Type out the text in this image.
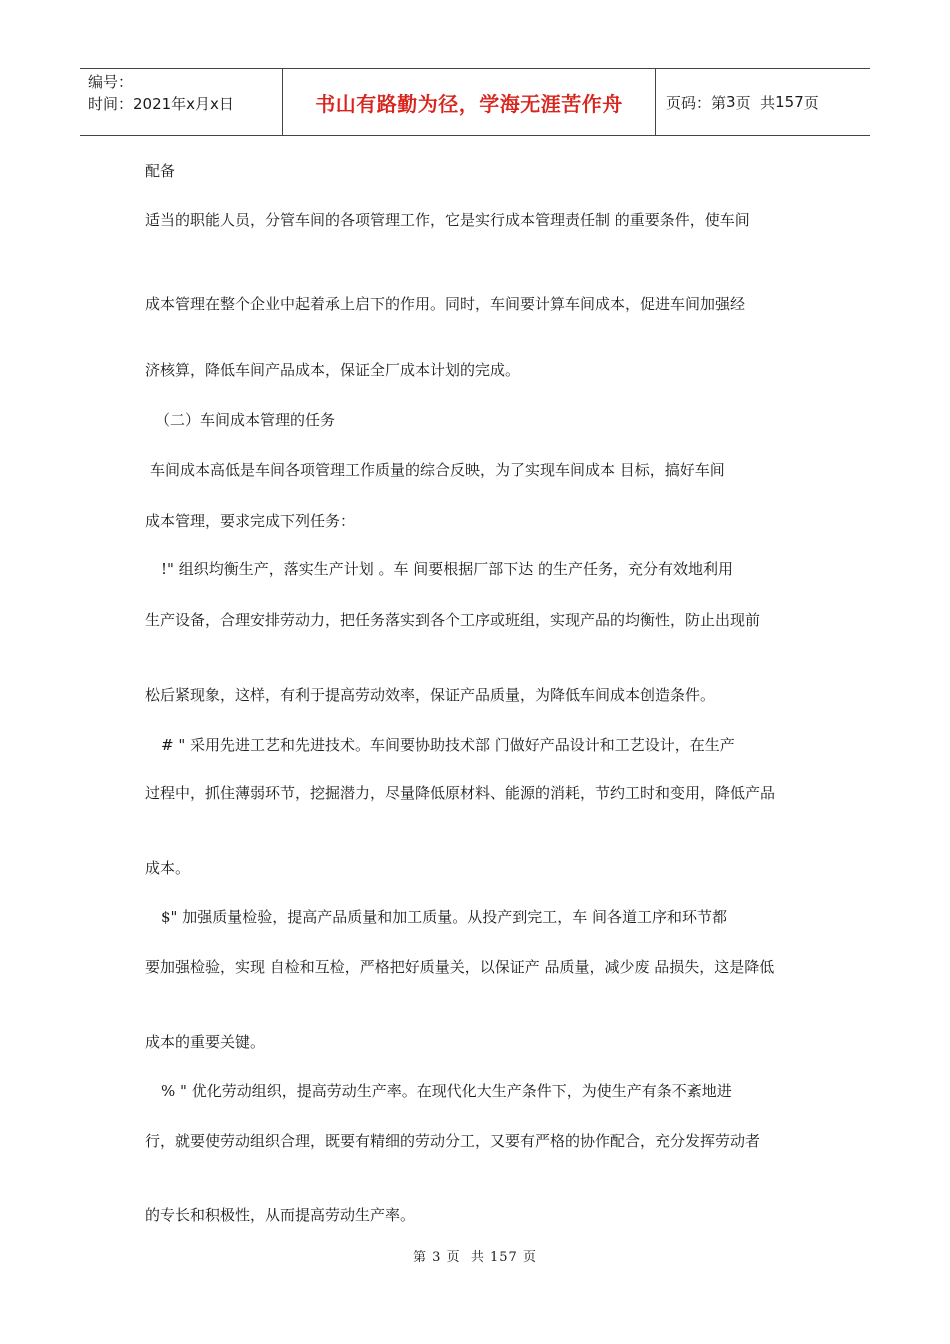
编号：
时间：2021年x月x日	书山有路勤为径，学海无涯苦作舟	页码：第 3 页  共 157 页

配备

适当的职能人员，分管车间的各项管理工作，它是实行成本管理责任制 的重要条件，使车间

成本管理在整个企业中起着承上启下的作用。同时，车间要计算车间成本，促进车间加强经

济核算，降低车间产品成本，保证全厂成本计划的完成。

（二）车间成本管理的任务

车间成本高低是车间各项管理工作质量的综合反映，为了实现车间成本 目标，搞好车间

成本管理，要求完成下列任务：

!" 组织均衡生产，落实生产计划 。车 间要根据厂部下达 的生产任务，充分有效地利用

生产设备，合理安排劳动力，把任务落实到各个工序或班组，实现产品的均衡性，防止出现前

松后紧现象，这样，有利于提高劳动效率，保证产品质量，为降低车间成本创造条件。

# " 采用先进工艺和先进技术。车间要协助技术部 门做好产品设计和工艺设计，在生产

过程中，抓住薄弱环节，挖掘潜力，尽量降低原材料、能源的消耗，节约工时和变用，降低产品

成本。

$" 加强质量检验，提高产品质量和加工质量。从投产到完工，车 间各道工序和环节都

要加强检验，实现 自检和互检，严格把好质量关，以保证产 品质量，减少废 品损失，这是降低

成本的重要关键。

% " 优化劳动组织，提高劳动生产率。在现代化大生产条件下，为使生产有条不紊地进

行，就要使劳动组织合理，既要有精细的劳动分工，又要有严格的协作配合，充分发挥劳动者

的专长和积极性，从而提高劳动生产率。

第 3 页  共 157 页
